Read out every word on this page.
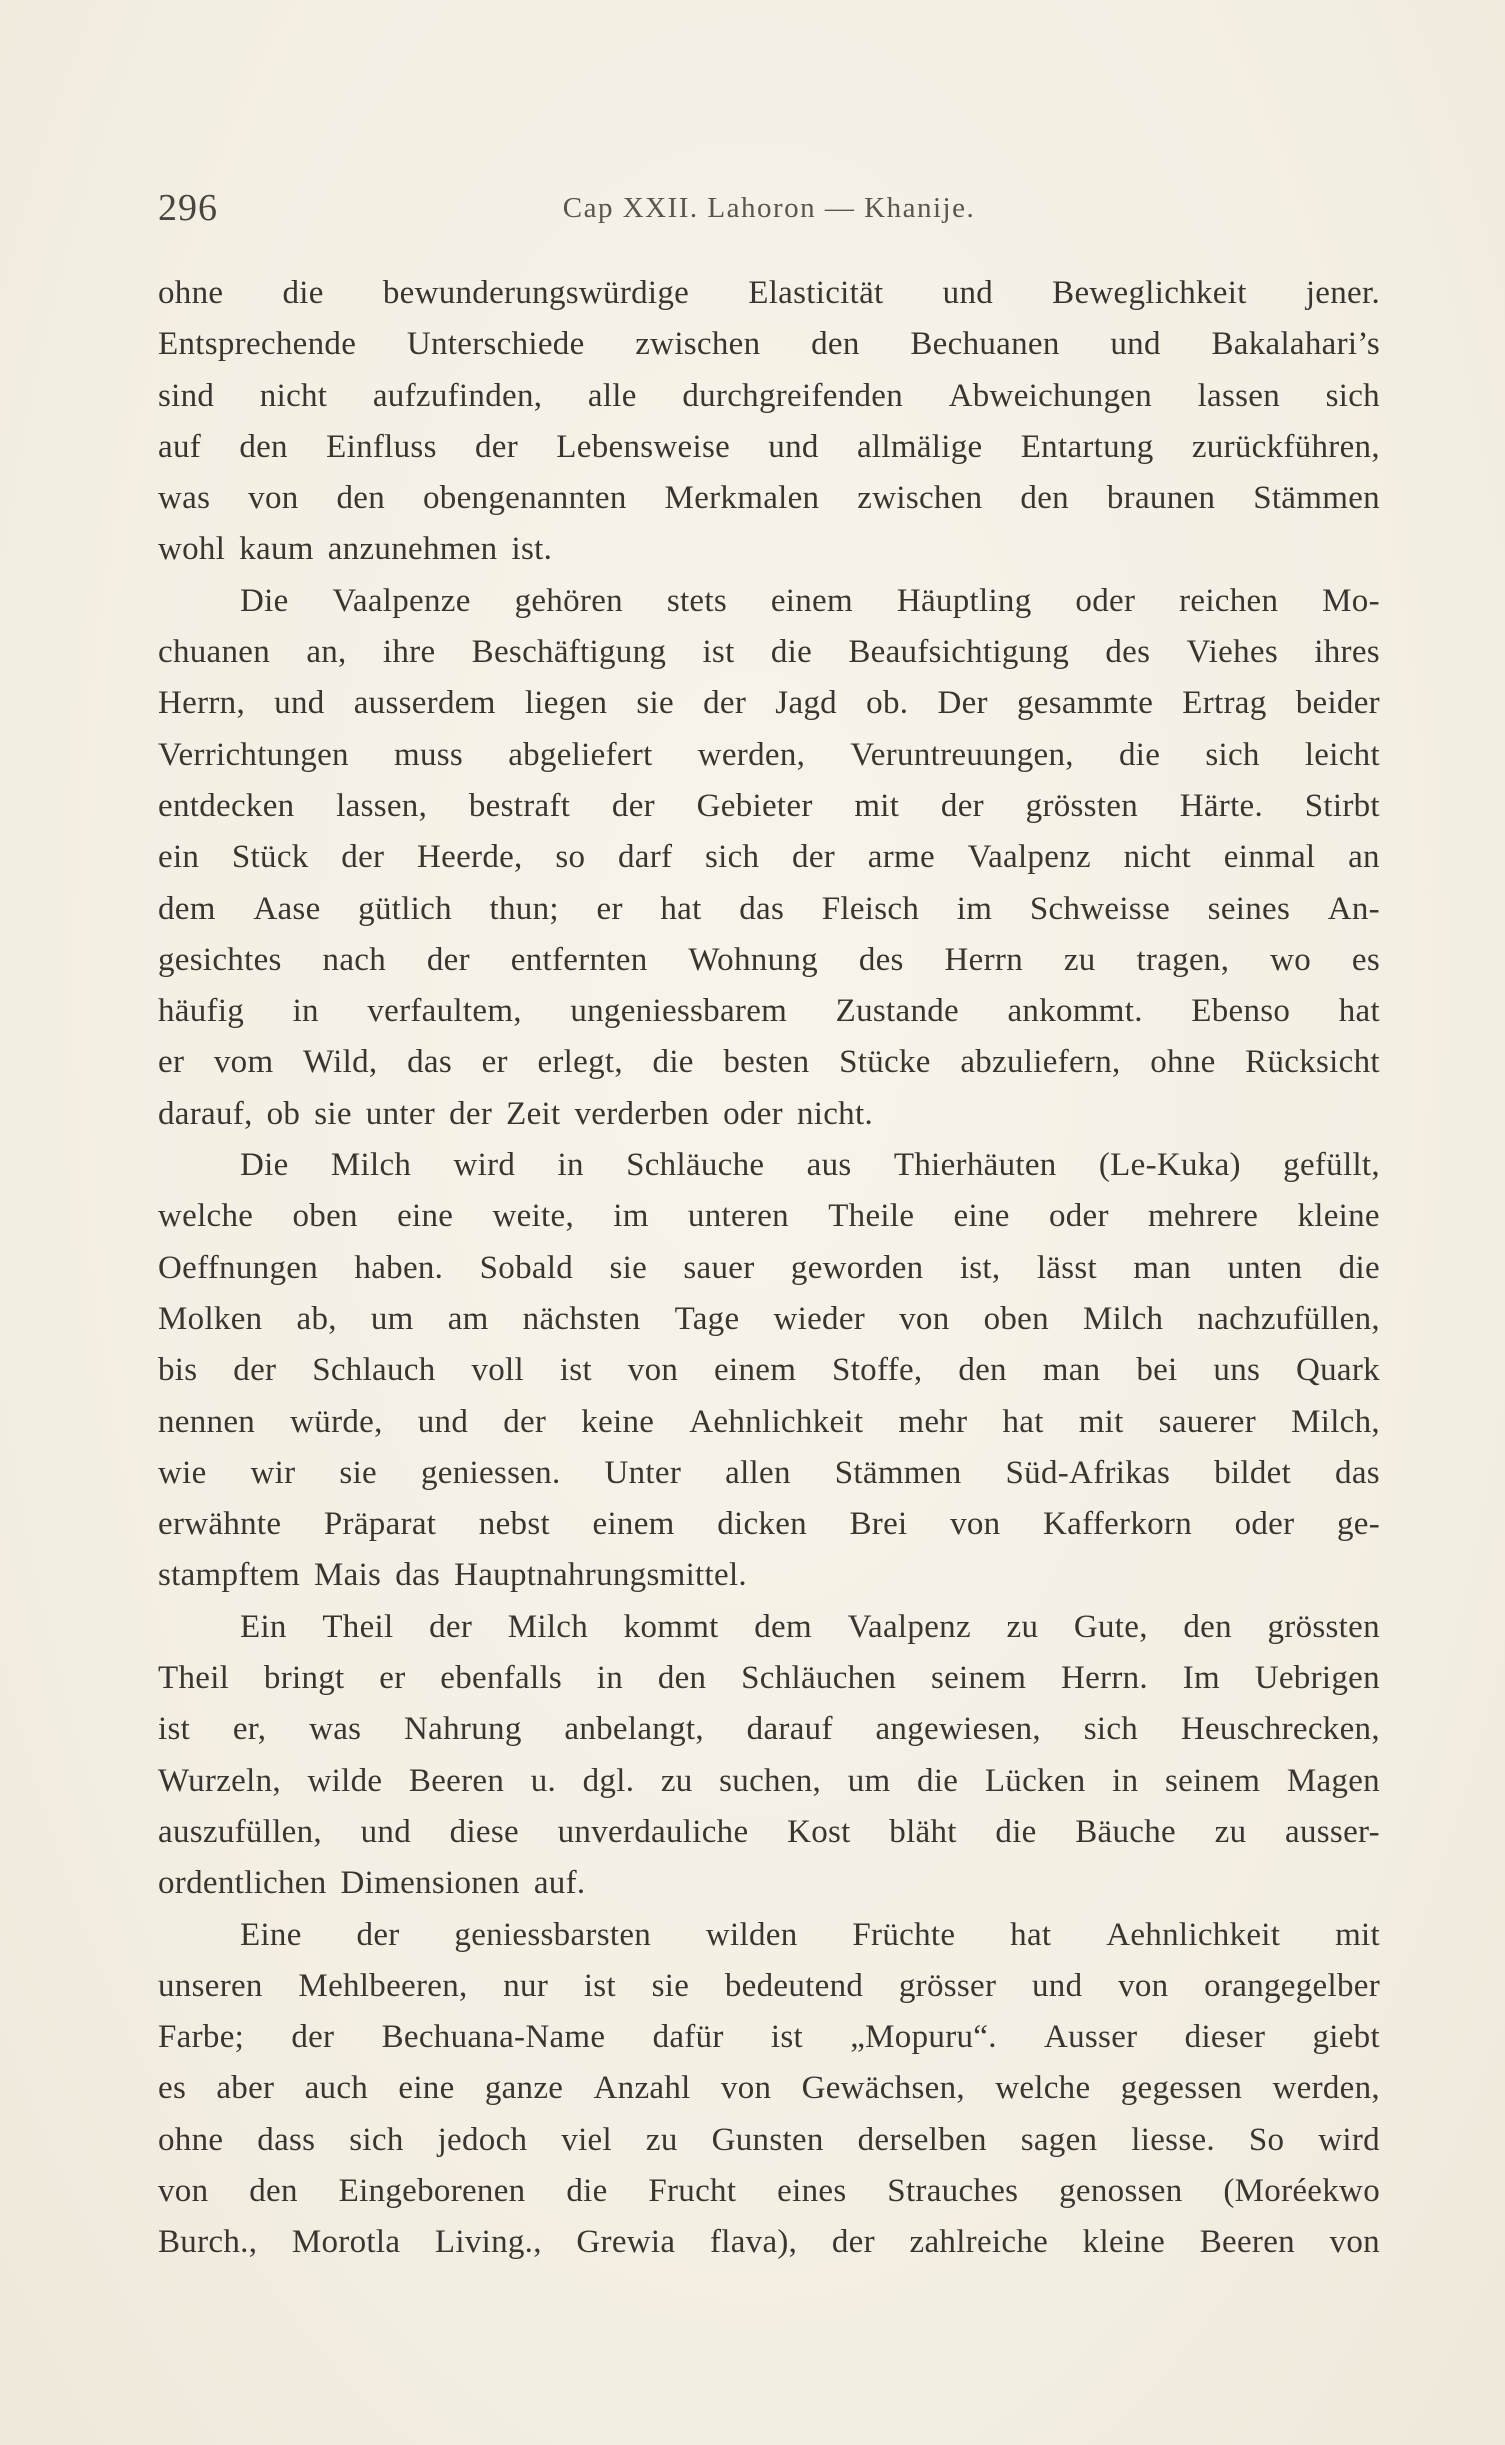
296	Cap XXII. Lahoron — Khanije.
ohne die bewunderungswürdige Elasticität und Beweglichkeit jener.
Entsprechende Unterschiede zwischen den Bechuanen und Bakalahari’s
sind nicht aufzufinden, alle durchgreifenden Abweichungen lassen sich
auf den Einfluss der Lebensweise und allmälige Entartung zurückführen,
was von den obengenannten Merkmalen zwischen den braunen Stämmen
wohl kaum anzunehmen ist.
Die Vaalpenze gehören stets einem Häuptling oder reichen Mo-
chuanen an, ihre Beschäftigung ist die Beaufsichtigung des Viehes ihres
Herrn, und ausserdem liegen sie der Jagd ob. Der gesammte Ertrag beider
Verrichtungen muss abgeliefert werden, Veruntreuungen, die sich leicht
entdecken lassen, bestraft der Gebieter mit der grössten Härte. Stirbt
ein Stück der Heerde, so darf sich der arme Vaalpenz nicht einmal an
dem Aase gütlich thun; er hat das Fleisch im Schweisse seines An-
gesichtes nach der entfernten Wohnung des Herrn zu tragen, wo es
häufig in verfaultem, ungeniessbarem Zustande ankommt. Ebenso hat
er vom Wild, das er erlegt, die besten Stücke abzuliefern, ohne Rücksicht
darauf, ob sie unter der Zeit verderben oder nicht.
Die Milch wird in Schläuche aus Thierhäuten (Le-Kuka) gefüllt,
welche oben eine weite, im unteren Theile eine oder mehrere kleine
Oeffnungen haben. Sobald sie sauer geworden ist, lässt man unten die
Molken ab, um am nächsten Tage wieder von oben Milch nachzufüllen,
bis der Schlauch voll ist von einem Stoffe, den man bei uns Quark
nennen würde, und der keine Aehnlichkeit mehr hat mit sauerer Milch,
wie wir sie geniessen. Unter allen Stämmen Süd-Afrikas bildet das
erwähnte Präparat nebst einem dicken Brei von Kafferkorn oder ge-
stampftem Mais das Hauptnahrungsmittel.
Ein Theil der Milch kommt dem Vaalpenz zu Gute, den grössten
Theil bringt er ebenfalls in den Schläuchen seinem Herrn. Im Uebrigen
ist er, was Nahrung anbelangt, darauf angewiesen, sich Heuschrecken,
Wurzeln, wilde Beeren u. dgl. zu suchen, um die Lücken in seinem Magen
auszufüllen, und diese unverdauliche Kost bläht die Bäuche zu ausser-
ordentlichen Dimensionen auf.
Eine der geniessbarsten wilden Früchte hat Aehnlichkeit mit
unseren Mehlbeeren, nur ist sie bedeutend grösser und von orangegelber
Farbe; der Bechuana-Name dafür ist „Mopuru“. Ausser dieser giebt
es aber auch eine ganze Anzahl von Gewächsen, welche gegessen werden,
ohne dass sich jedoch viel zu Gunsten derselben sagen liesse. So wird
von den Eingeborenen die Frucht eines Strauches genossen (Moréekwo
Burch., Morotla Living., Grewia flava), der zahlreiche kleine Beeren von
